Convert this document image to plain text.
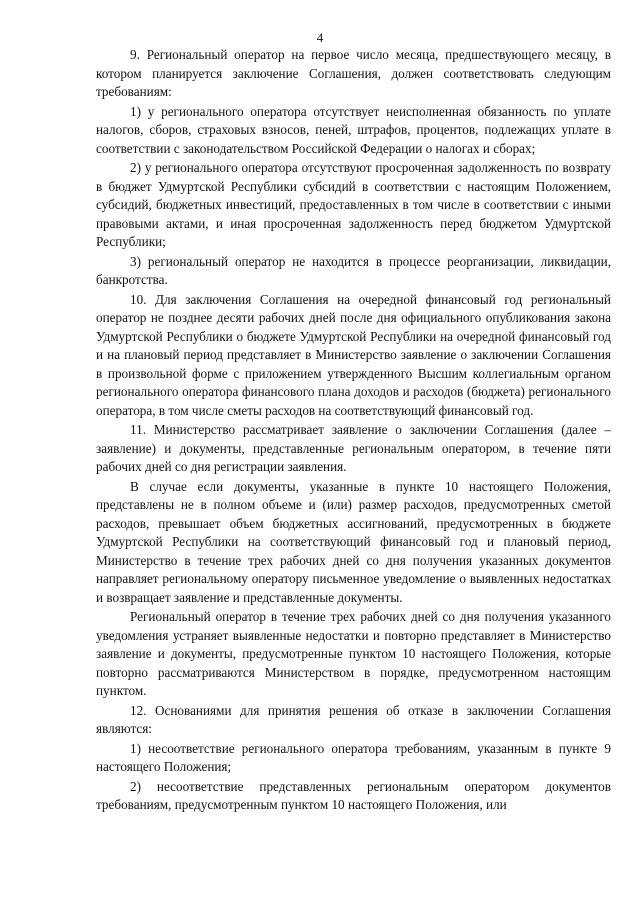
4

9. Региональный оператор на первое число месяца, предшествующего месяцу, в котором планируется заключение Соглашения, должен соответствовать следующим требованиям:

1) у регионального оператора отсутствует неисполненная обязанность по уплате налогов, сборов, страховых взносов, пеней, штрафов, процентов, подлежащих уплате в соответствии с законодательством Российской Федерации о налогах и сборах;

2) у регионального оператора отсутствуют просроченная задолженность по возврату в бюджет Удмуртской Республики субсидий в соответствии с настоящим Положением, субсидий, бюджетных инвестиций, предоставленных в том числе в соответствии с иными правовыми актами, и иная просроченная задолженность перед бюджетом Удмуртской Республики;

3) региональный оператор не находится в процессе реорганизации, ликвидации, банкротства.

10. Для заключения Соглашения на очередной финансовый год региональный оператор не позднее десяти рабочих дней после дня официального опубликования закона Удмуртской Республики о бюджете Удмуртской Республики на очередной финансовый год и на плановый период представляет в Министерство заявление о заключении Соглашения в произвольной форме с приложением утвержденного Высшим коллегиальным органом регионального оператора финансового плана доходов и расходов (бюджета) регионального оператора, в том числе сметы расходов на соответствующий финансовый год.

11. Министерство рассматривает заявление о заключении Соглашения (далее – заявление) и документы, представленные региональным оператором, в течение пяти рабочих дней со дня регистрации заявления.

В случае если документы, указанные в пункте 10 настоящего Положения, представлены не в полном объеме и (или) размер расходов, предусмотренных сметой расходов, превышает объем бюджетных ассигнований, предусмотренных в бюджете Удмуртской Республики на соответствующий финансовый год и плановый период, Министерство в течение трех рабочих дней со дня получения указанных документов направляет региональному оператору письменное уведомление о выявленных недостатках и возвращает заявление и представленные документы.

Региональный оператор в течение трех рабочих дней со дня получения указанного уведомления устраняет выявленные недостатки и повторно представляет в Министерство заявление и документы, предусмотренные пунктом 10 настоящего Положения, которые повторно рассматриваются Министерством в порядке, предусмотренном настоящим пунктом.

12. Основаниями для принятия решения об отказе в заключении Соглашения являются:

1) несоответствие регионального оператора требованиям, указанным в пункте 9 настоящего Положения;

2) несоответствие представленных региональным оператором документов требованиям, предусмотренным пунктом 10 настоящего Положения, или
